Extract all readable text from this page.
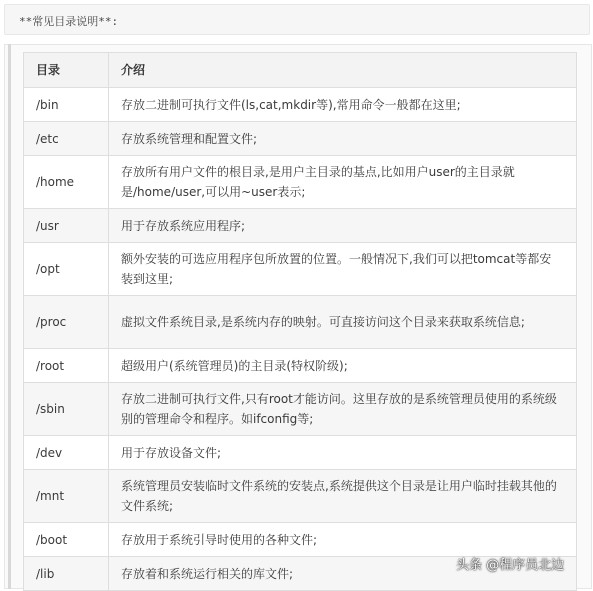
**常见目录说明**:
目录	介绍
/bin	存放二进制可执行文件(ls,cat,mkdir等),常用命令一般都在这里;
/etc	存放系统管理和配置文件;
/home	存放所有用户文件的根目录,是用户主目录的基点,比如用户user的主目录就是/home/user,可以用~user表示;
/usr	用于存放系统应用程序;
/opt	额外安装的可选应用程序包所放置的位置。一般情况下,我们可以把tomcat等都安装到这里;
/proc	虚拟文件系统目录,是系统内存的映射。可直接访问这个目录来获取系统信息;
/root	超级用户(系统管理员)的主目录(特权阶级);
/sbin	存放二进制可执行文件,只有root才能访问。这里存放的是系统管理员使用的系统级别的管理命令和程序。如ifconfig等;
/dev	用于存放设备文件;
/mnt	系统管理员安装临时文件系统的安装点,系统提供这个目录是让用户临时挂载其他的文件系统;
/boot	存放用于系统引导时使用的各种文件;
/lib	存放着和系统运行相关的库文件;
头条 @程序员北边
